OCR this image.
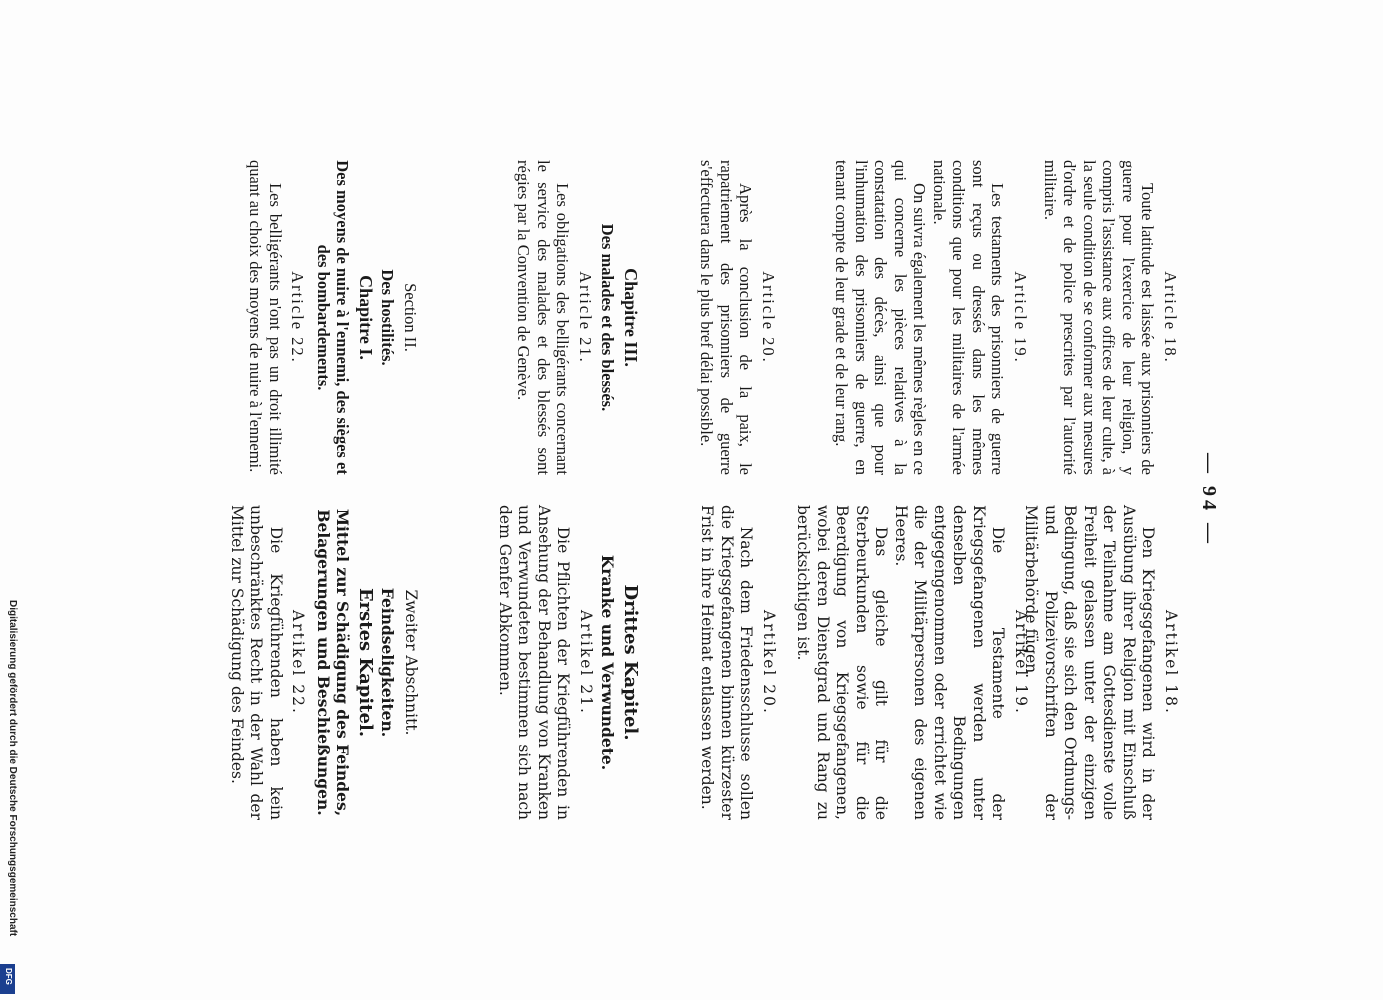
— 94 —
Article 18.

Toute latitude est laissée aux prisonniers de guerre pour l'exercice de leur religion, y compris l'assistance aux offices de leur culte, à la seule condition de se conformer aux mesures d'ordre et de police prescrites par l'autorité militaire.

Article 19.

Les testaments des prisonniers de guerre sont reçus ou dressés dans les mêmes conditions que pour les militaires de l'armée nationale.

On suivra également les mêmes règles en ce qui concerne les pièces relatives à la constatation des décès, ainsi que pour l'inhumation des prisonniers de guerre, en tenant compte de leur grade et de leur rang.

Article 20.

Après la conclusion de la paix, le rapatriement des prisonniers de guerre s'effectuera dans le plus bref délai possible.

Chapitre III.
Des malades et des blessés.
Article 21.

Les obligations des belligérants concernant le service des malades et des blessés sont régies par la Convention de Genève.

Section II.
Des hostilités.
Chapitre I.

Des moyens de nuire à l'ennemi, des sièges et des bombardements.

Article 22.

Les belligérants n'ont pas un droit illimité quant au choix des moyens de nuire à l'ennemi.

Artikel 18.

Den Kriegsgefangenen wird in der Ausübung ihrer Religion mit Einschluß der Teilnahme am Gottesdienste volle Freiheit gelassen unter der einzigen Bedingung, daß sie sich den Ordnungs- und Polizeivorschriften der Militärbehörde fügen.

Artikel 19.

Die Testamente der Kriegsgefangenen werden unter denselben Bedingungen entgegengenommen oder errichtet wie die der Militärpersonen des eigenen Heeres.

Das gleiche gilt für die Sterbeurkunden sowie für die Beerdigung von Kriegsgefangenen, wobei deren Dienstgrad und Rang zu berücksichtigen ist.

Artikel 20.

Nach dem Friedensschlusse sollen die Kriegsgefangenen binnen kürzester Frist in ihre Heimat entlassen werden.

Drittes Kapitel.
Kranke und Verwundete.
Artikel 21.

Die Pflichten der Kriegführenden in Ansehung der Behandlung von Kranken und Verwundeten bestimmen sich nach dem Genfer Abkommen.

Zweiter Abschnitt.
Feindseligkeiten.
Erstes Kapitel.

Mittel zur Schädigung des Feindes, Belagerungen und Beschießungen.

Artikel 22.

Die Kriegführenden haben kein unbeschränktes Recht in der Wahl der Mittel zur Schädigung des Feindes.

Digitalisierung gefördert durch die Deutsche Forschungsgemeinschaft
DFG
